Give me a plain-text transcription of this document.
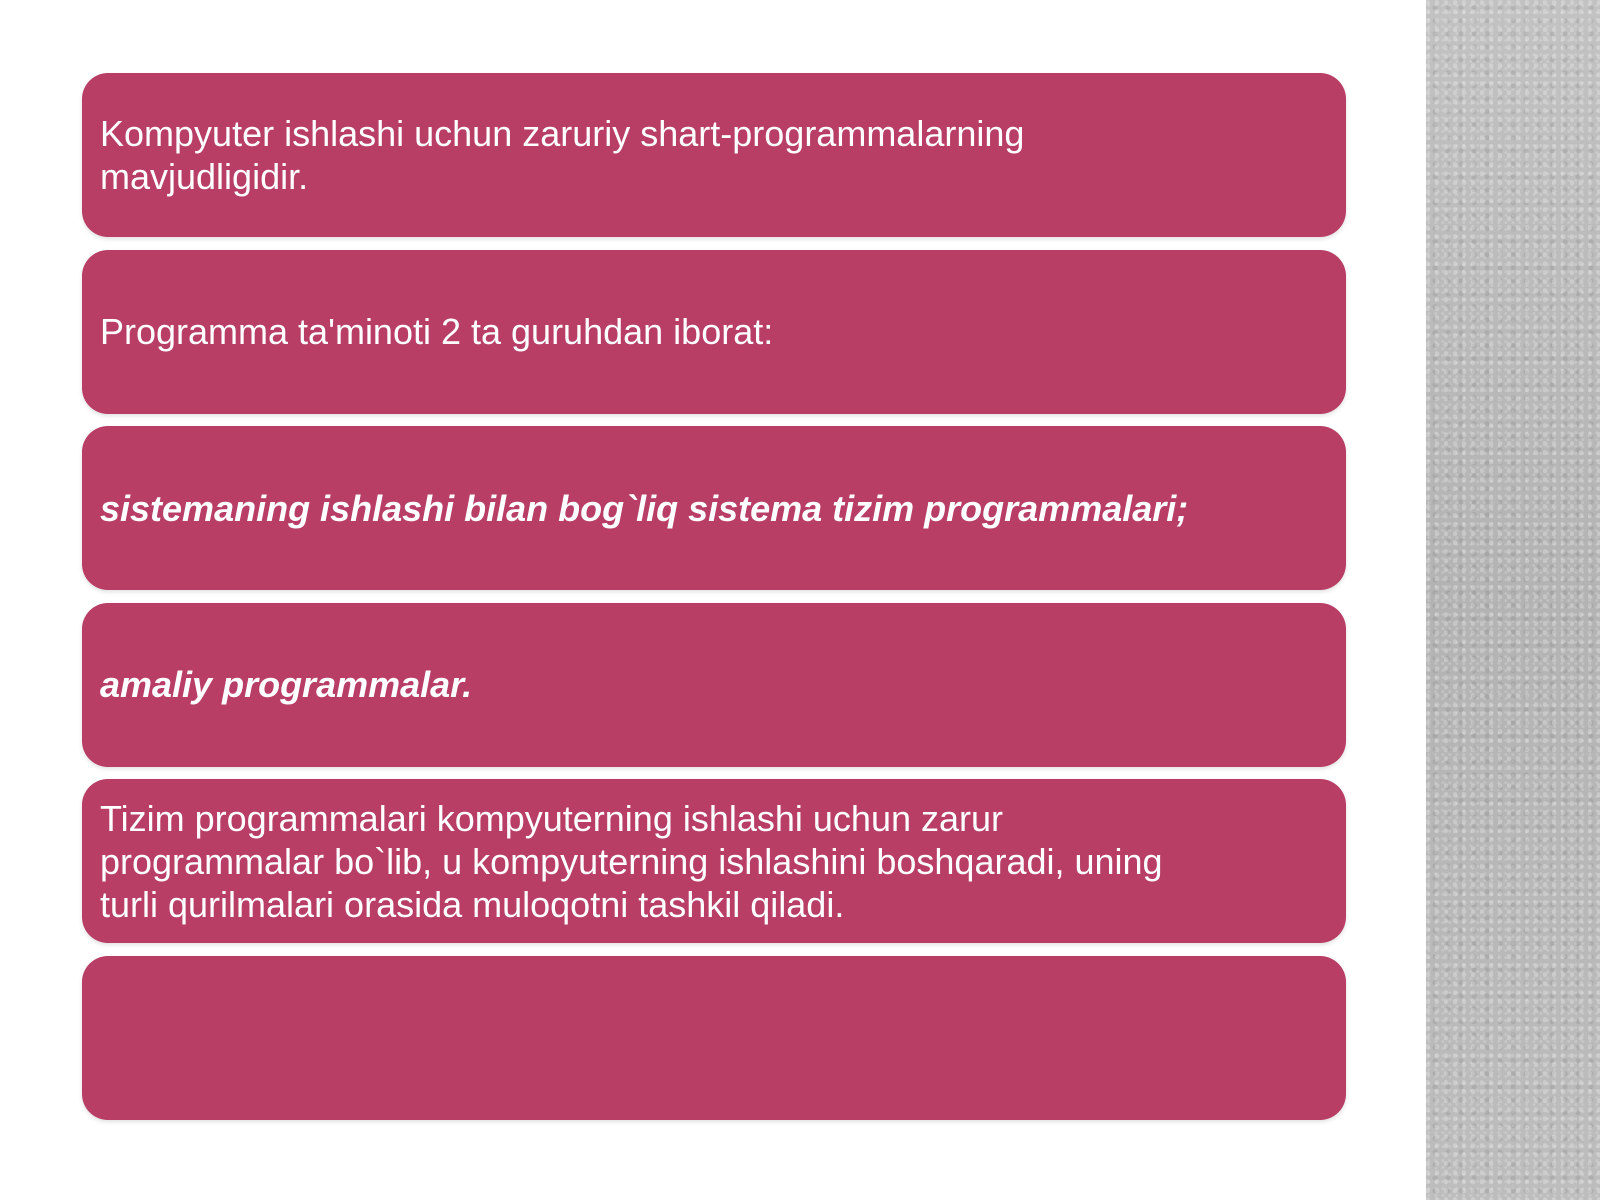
Kompyuter ishlashi uchun zaruriy shart-programmalarning
mavjudligidir.
Programma ta'minoti 2 ta guruhdan iborat:
sistemaning ishlashi bilan bog`liq sistema tizim programmalari;
amaliy programmalar.
Tizim programmalari kompyuterning ishlashi uchun zarur
programmalar bo`lib, u kompyuterning ishlashini boshqaradi, uning
turli qurilmalari orasida muloqotni tashkil qiladi.
